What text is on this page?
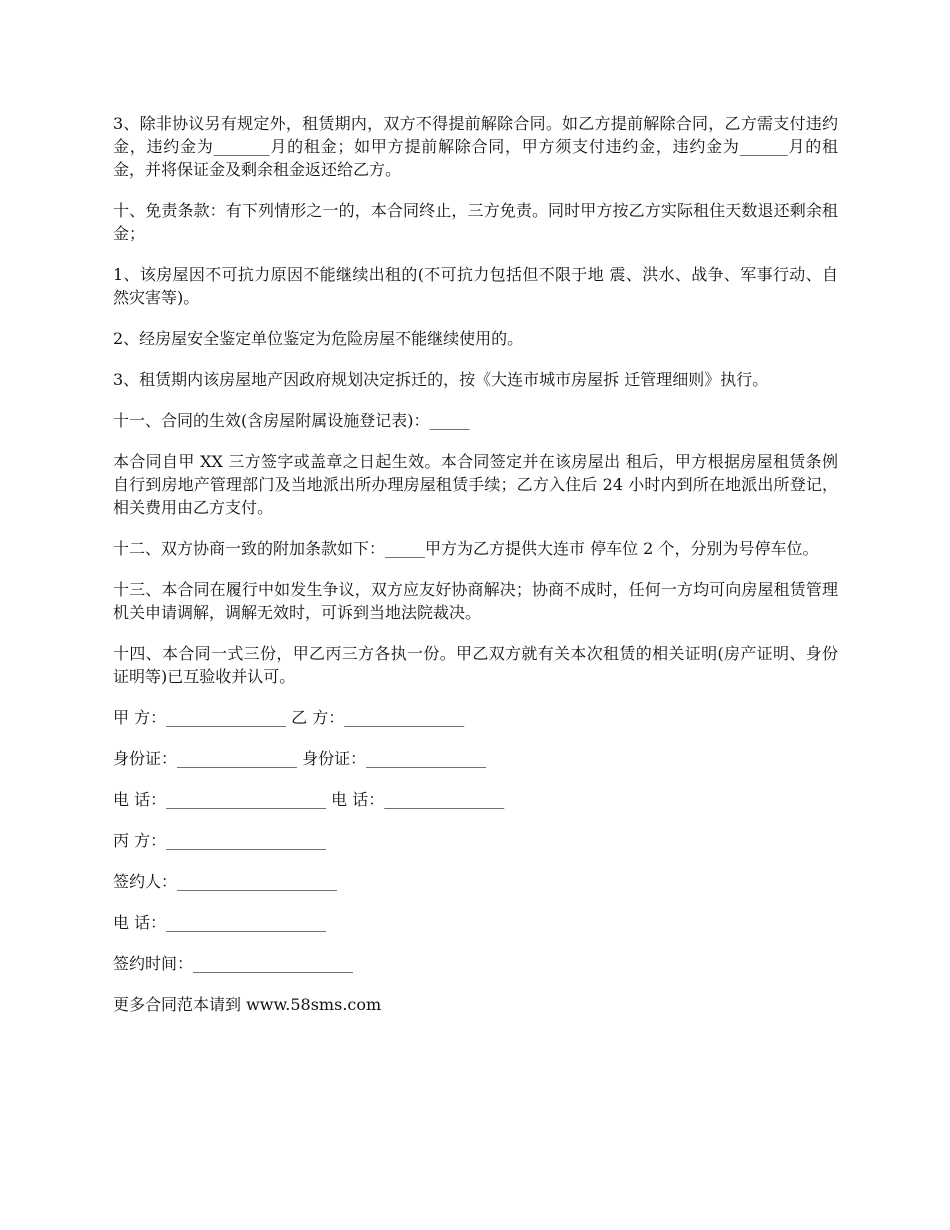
3、除非协议另有规定外，租赁期内，双方不得提前解除合同。如乙方提前解除合同，乙方需支付违约金，违约金为_______月的租金；如甲方提前解除合同，甲方须支付违约金，违约金为______月的租金，并将保证金及剩余租金返还给乙方。

十、免责条款：有下列情形之一的，本合同终止，三方免责。同时甲方按乙方实际租住天数退还剩余租金；

1、该房屋因不可抗力原因不能继续出租的(不可抗力包括但不限于地 震、洪水、战争、军事行动、自然灾害等)。

2、经房屋安全鉴定单位鉴定为危险房屋不能继续使用的。

3、租赁期内该房屋地产因政府规划决定拆迁的，按《大连市城市房屋拆 迁管理细则》执行。

十一、合同的生效(含房屋附属设施登记表)：_____

本合同自甲 XX 三方签字或盖章之日起生效。本合同签定并在该房屋出 租后，甲方根据房屋租赁条例自行到房地产管理部门及当地派出所办理房屋租赁手续；乙方入住后 24 小时内到所在地派出所登记，相关费用由乙方支付。

十二、双方协商一致的附加条款如下：_____甲方为乙方提供大连市 停车位 2 个，分别为号停车位。

十三、本合同在履行中如发生争议，双方应友好协商解决；协商不成时，任何一方均可向房屋租赁管理机关申请调解，调解无效时，可诉到当地法院裁决。

十四、本合同一式三份，甲乙丙三方各执一份。甲乙双方就有关本次租赁的相关证明(房产证明、身份证明等)已互验收并认可。

甲 方：_______________ 乙 方：_______________
身份证：_______________ 身份证：_______________
电 话：____________________ 电 话：_______________
丙 方：____________________
签约人：____________________
电 话：____________________
签约时间：____________________

更多合同范本请到 www.58sms.com
